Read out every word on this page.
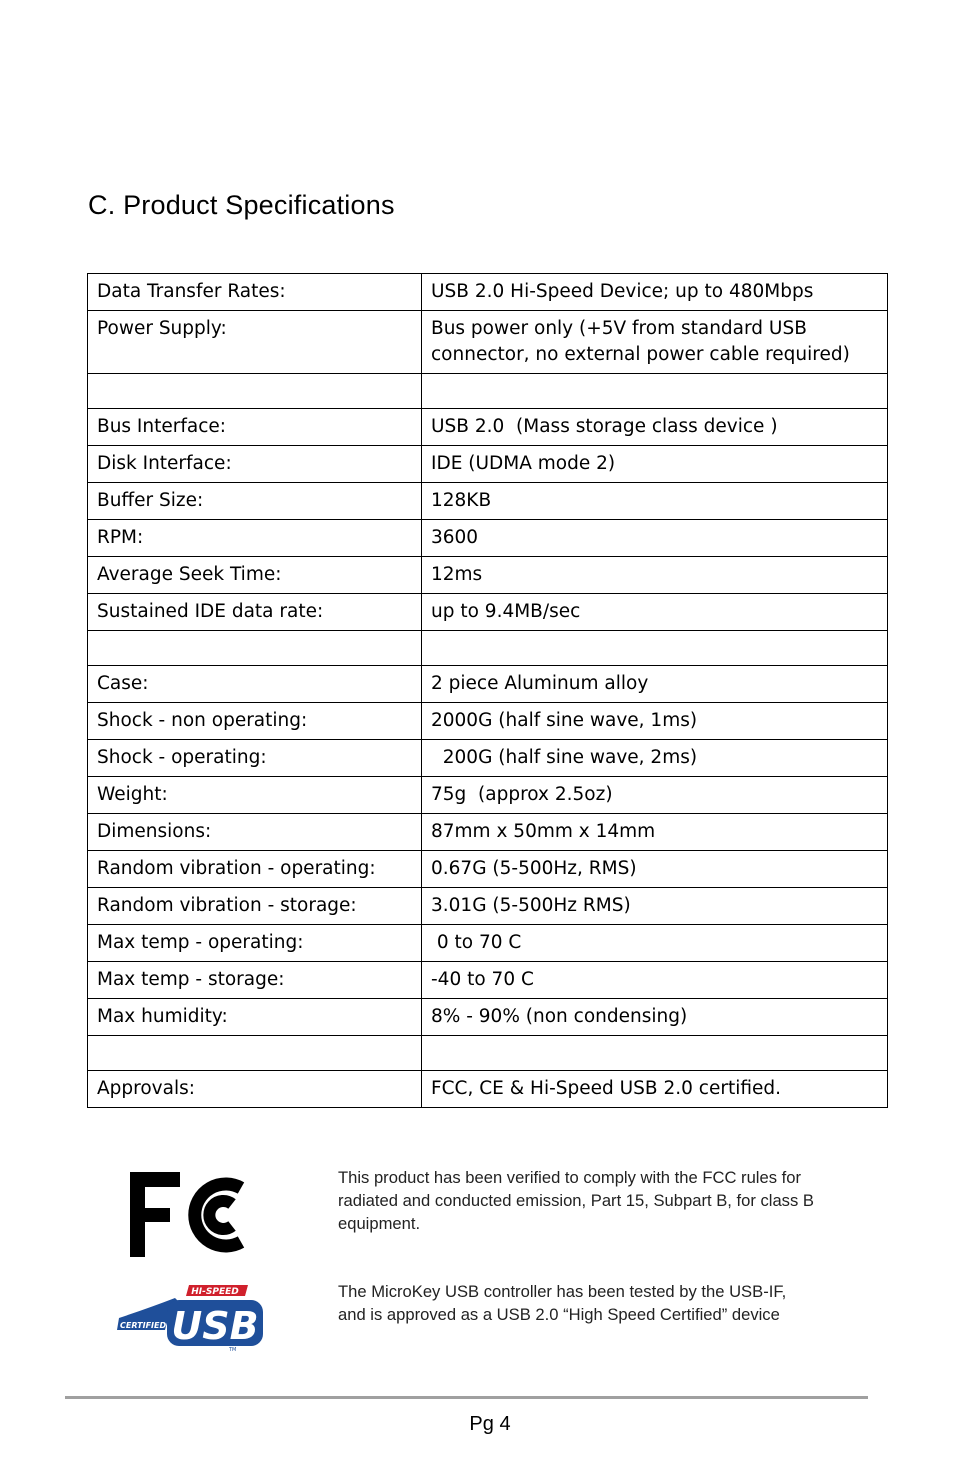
C. Product Specifications
Data Transfer Rates:	USB 2.0 Hi-Speed Device; up to 480Mbps
Power Supply:	Bus power only (+5V from standard USB connector, no external power cable required)

Bus Interface:	USB 2.0  (Mass storage class device )
Disk Interface:	IDE (UDMA mode 2)
Buffer Size:	128KB
RPM:	3600
Average Seek Time:	12ms
Sustained IDE data rate:	up to 9.4MB/sec

Case:	2 piece Aluminum alloy
Shock - non operating:	2000G (half sine wave, 1ms)
Shock - operating:	200G (half sine wave, 2ms)
Weight:	75g  (approx 2.5oz)
Dimensions:	87mm x 50mm x 14mm
Random vibration - operating:	0.67G (5-500Hz, RMS)
Random vibration - storage:	3.01G (5-500Hz RMS)
Max temp - operating:	0 to 70 C
Max temp - storage:	-40 to 70 C
Max humidity:	8% - 90% (non condensing)

Approvals:	FCC, CE & Hi-Speed USB 2.0 certified.

This product has been verified to comply with the FCC rules for radiated and conducted emission, Part 15, Subpart B, for class B equipment.

HI-SPEED
CERTIFIED USB
TM

The MicroKey USB controller has been tested by the USB-IF, and is approved as a USB 2.0 “High Speed Certified” device

Pg 4
